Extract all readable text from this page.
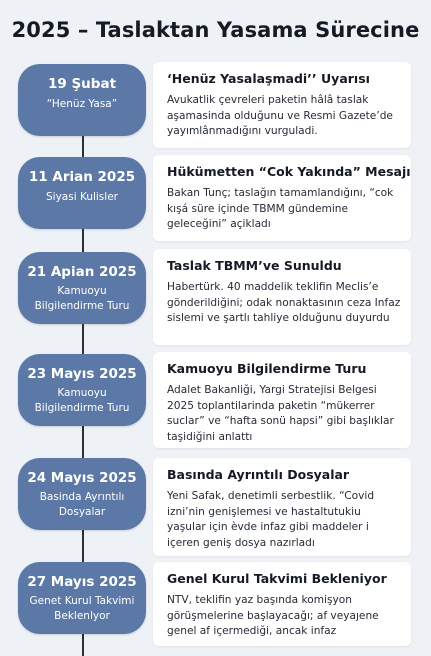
2025 – Taslaktan Yasama Sürecine
19 Şubat
“Henüz Yasa”
‘Henüz Yasalaşmadi’’ Uyarısı
Avukatlik çevreleri paketin hâlâ taslak aşamasinda olduğunu ve Resmi Gazete’de yayımlânmadığını vurguladi.
11 Arian 2025
Siyasi Kulisler
Hükümetten “Cok Yakında” Mesajı
Bakan Tunç; taslağın tamamlandığını, “cok kışá süre içinde TBMM gündemine geleceğini” açikladı
21 Apian 2025
Kamuoyu Bilgilendirme Turu
Taslak TBMM’ve Sunuldu
Habertürk. 40 maddelik teklifin Meclis’e gönderildiğini; odak nonaktasının ceza Infaz sislemi ve şartlı tahliye olduğunu duyurdu
23 Mayıs 2025
Kamuoyu Bilgilendirme Turu
Kamuoyu Bilgilendirme Turu
Adalet Bakanliği, Yargi Stratejisi Belgesi 2025 toplantilarinda paketin “mükerrer suclar” ve “hafta sonü hapsi” gibi başlıklar taşidiğini anlattı
24 Mayıs 2025
Basinda Ayrıntılı Dosyalar
Basında Ayrıntılı Dosyalar
Yeni Safak, denetimli serbestlik. “Covid izni’nin genişlemesi ve hastaltutukiu yaşular için èvde infaz gibi maddeler i içeren geniş dosya nazırladı
27 Mayıs 2025
Genet Kurul Takvimi Beklenlyor
Genel Kurul Takvimi Bekleniyor
NTV, teklifin yaz başında komişyon görüşmelerine başlayacağı; af veyaȷene genel af içermediği, ancak infaz
